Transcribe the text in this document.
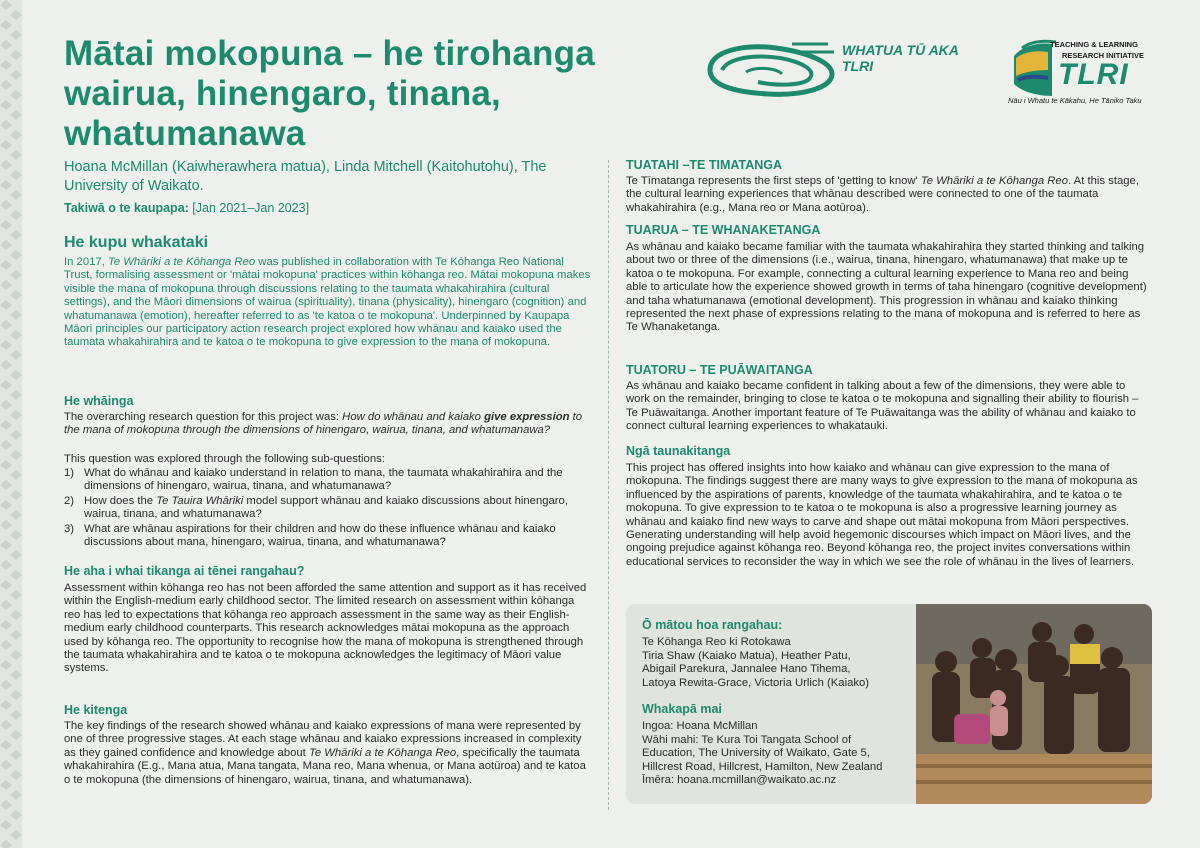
Mātai mokopuna – he tirohanga wairua, hinengaro, tinana, whatumanawa
Hoana McMillan (Kaiwherawhera matua), Linda Mitchell (Kaitohutohu), The University of Waikato.
Takiwā o te kaupapa: [Jan 2021–Jan 2023]
WHATUA TŪ AKA TLRI
TEACHING & LEARNING
RESEARCH INITIATIVE
TLRI
Nāu i Whatu te Kākahu, He Tāniko Taku
He kupu whakataki

In 2017, Te Whāriki a te Kōhanga Reo was published in collaboration with Te Kōhanga Reo National Trust, formalising assessment or 'mātai mokopuna' practices within kōhanga reo. Mātai mokopuna makes visible the mana of mokopuna through discussions relating to the taumata whakahirahira (cultural settings), and the Māori dimensions of wairua (spirituality), tinana (physicality), hinengaro (cognition) and whatumanawa (emotion), hereafter referred to as 'te katoa o te mokopuna'. Underpinned by Kaupapa Māori principles our participatory action research project explored how whānau and kaiako used the taumata whakahirahira and te katoa o te mokopuna to give expression to the mana of mokopuna.

He whāinga

The overarching research question for this project was: How do whānau and kaiako give expression to the mana of mokopuna through the dimensions of hinengaro, wairua, tinana, and whatumanawa?

This question was explored through the following sub-questions:

1) What do whānau and kaiako understand in relation to mana, the taumata whakahirahira and the dimensions of hinengaro, wairua, tinana, and whatumanawa?
2) How does the Te Tauira Whāriki model support whānau and kaiako discussions about hinengaro, wairua, tinana, and whatumanawa?
3) What are whānau aspirations for their children and how do these influence whānau and kaiako discussions about mana, hinengaro, wairua, tinana, and whatumanawa?
He aha i whai tikanga ai tēnei rangahau?

Assessment within kōhanga reo has not been afforded the same attention and support as it has received within the English-medium early childhood sector. The limited research on assessment within kōhanga reo has led to expectations that kōhanga reo approach assessment in the same way as their English-medium early childhood counterparts. This research acknowledges mātai mokopuna as the approach used by kōhanga reo. The opportunity to recognise how the mana of mokopuna is strengthened through the taumata whakahirahira and te katoa o te mokopuna acknowledges the legitimacy of Māori value systems.

He kitenga

The key findings of the research showed whānau and kaiako expressions of mana were represented by one of three progressive stages. At each stage whānau and kaiako expressions increased in complexity as they gained confidence and knowledge about Te Whāriki a te Kōhanga Reo, specifically the taumata whakahirahira (E.g., Mana atua, Mana tangata, Mana reo, Mana whenua, or Mana aotūroa) and te katoa o te mokopuna (the dimensions of hinengaro, wairua, tinana, and whatumanawa).

TUATAHI –TE TIMATANGA

Te Tīmatanga represents the first steps of 'getting to know' Te Whāriki a te Kōhanga Reo. At this stage, the cultural learning experiences that whānau described were connected to one of the taumata whakahirahira (e.g., Mana reo or Mana aotūroa).

TUARUA – TE WHANAKETANGA

As whānau and kaiako became familiar with the taumata whakahirahira they started thinking and talking about two or three of the dimensions (i.e., wairua, tinana, hinengaro, whatumanawa) that make up te katoa o te mokopuna. For example, connecting a cultural learning experience to Mana reo and being able to articulate how the experience showed growth in terms of taha hinengaro (cognitive development) and taha whatumanawa (emotional development). This progression in whānau and kaiako thinking represented the next phase of expressions relating to the mana of mokopuna and is referred to here as Te Whanaketanga.

TUATORU – TE PUĀWAITANGA

As whānau and kaiako became confident in talking about a few of the dimensions, they were able to work on the remainder, bringing to close te katoa o te mokopuna and signalling their ability to flourish – Te Puāwaitanga. Another important feature of Te Puāwaitanga was the ability of whānau and kaiako to connect cultural learning experiences to whakatauki.

Ngā taunakitanga

This project has offered insights into how kaiako and whānau can give expression to the mana of mokopuna. The findings suggest there are many ways to give expression to the mana of mokopuna as influenced by the aspirations of parents, knowledge of the taumata whakahirahira, and te katoa o te mokopuna. To give expression to te katoa o te mokopuna is also a progressive learning journey as whānau and kaiako find new ways to carve and shape out mātai mokopuna from Māori perspectives. Generating understanding will help avoid hegemonic discourses which impact on Māori lives, and the ongoing prejudice against kōhanga reo. Beyond kōhanga reo, the project invites conversations within educational services to reconsider the way in which we see the role of whānau in the lives of learners.

Ō mātou hoa rangahau:

Te Kōhanga Reo ki Rotokawa
Tiria Shaw (Kaiako Matua), Heather Patu,
Abigail Parekura, Jannalee Hano Tihema,
Latoya Rewita-Grace, Victoria Urlich (Kaiako)

Whakapā mai

Ingoa: Hoana McMillan
Wāhi mahi: Te Kura Toi Tangata School of
Education, The University of Waikato, Gate 5,
Hillcrest Road, Hillcrest, Hamilton, New Zealand
Īmēra: hoana.mcmillan@waikato.ac.nz
